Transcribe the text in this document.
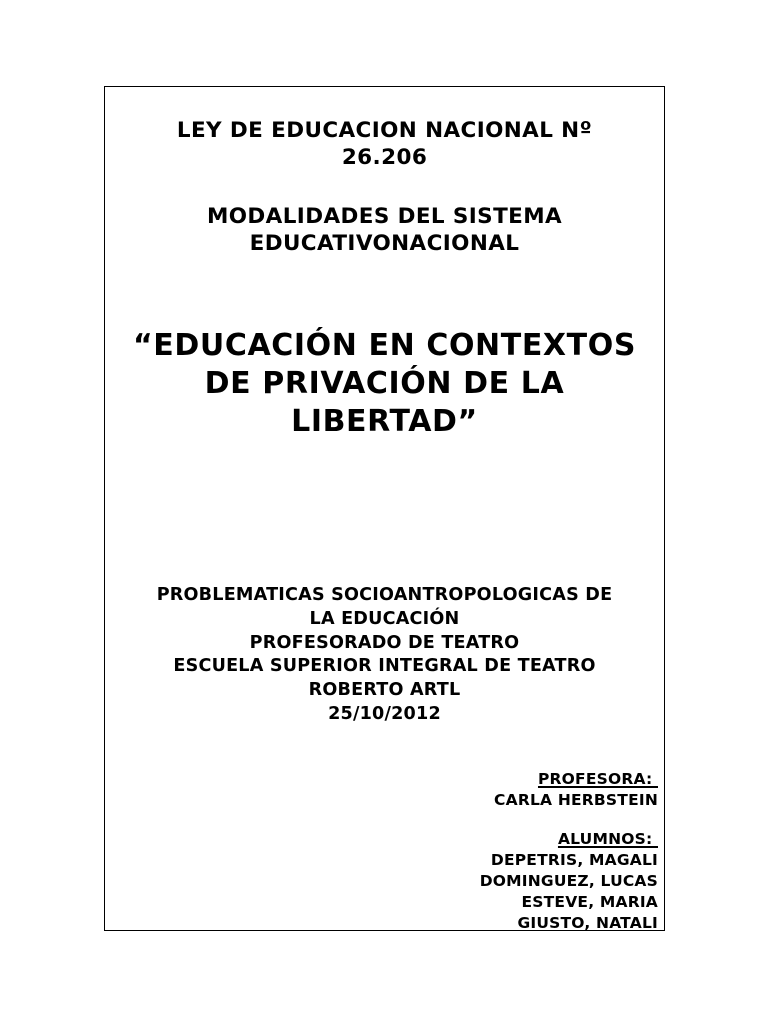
LEY DE EDUCACION NACIONAL Nº
26.206
MODALIDADES DEL SISTEMA
EDUCATIVONACIONAL
“EDUCACIÓN EN CONTEXTOS
DE PRIVACIÓN DE LA
LIBERTAD”
PROBLEMATICAS SOCIOANTROPOLOGICAS DE
LA EDUCACIÓN
PROFESORADO DE TEATRO
ESCUELA SUPERIOR INTEGRAL DE TEATRO
ROBERTO ARTL
25/10/2012
PROFESORA:
CARLA HERBSTEIN
ALUMNOS:
DEPETRIS, MAGALI
DOMINGUEZ, LUCAS
ESTEVE, MARIA
GIUSTO, NATALI
